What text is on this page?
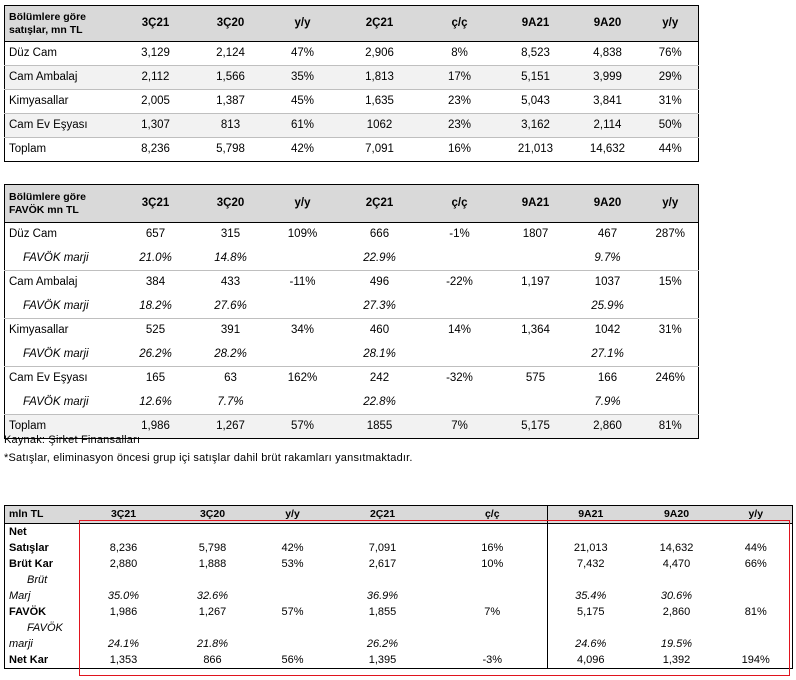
Bölümlere göre satışlar, mn TL	3Ç21	3Ç20	y/y	2Ç21	ç/ç	9A21	9A20	y/y
Düz Cam	3,129	2,124	47%	2,906	8%	8,523	4,838	76%
Cam Ambalaj	2,112	1,566	35%	1,813	17%	5,151	3,999	29%
Kimyasallar	2,005	1,387	45%	1,635	23%	5,043	3,841	31%
Cam Ev Eşyası	1,307	813	61%	1062	23%	3,162	2,114	50%
Toplam	8,236	5,798	42%	7,091	16%	21,013	14,632	44%
Bölümlere göre FAVÖK mn TL	3Ç21	3Ç20	y/y	2Ç21	ç/ç	9A21	9A20	y/y
Düz Cam	657	315	109%	666	-1%	1807	467	287%
FAVÖK marji	21.0%	14.8%		22.9%			9.7%	
Cam Ambalaj	384	433	-11%	496	-22%	1,197	1037	15%
FAVÖK marji	18.2%	27.6%		27.3%			25.9%	
Kimyasallar	525	391	34%	460	14%	1,364	1042	31%
FAVÖK marji	26.2%	28.2%		28.1%			27.1%	
Cam Ev Eşyası	165	63	162%	242	-32%	575	166	246%
FAVÖK marji	12.6%	7.7%		22.8%			7.9%	
Toplam	1,986	1,267	57%	1855	7%	5,175	2,860	81%
Kaynak: Şirket Finansalları
*Satışlar, eliminasyon öncesi grup içi satışlar dahil brüt rakamları yansıtmaktadır.
mln TL	3Ç21	3Ç20	y/y	2Ç21	ç/ç	9A21	9A20	y/y
Net								
Satışlar	8,236	5,798	42%	7,091	16%	21,013	14,632	44%
Brüt Kar	2,880	1,888	53%	2,617	10%	7,432	4,470	66%
Brüt								
Marj	35.0%	32.6%		36.9%		35.4%	30.6%	
FAVÖK	1,986	1,267	57%	1,855	7%	5,175	2,860	81%
FAVÖK								
marji	24.1%	21.8%		26.2%		24.6%	19.5%	
Net Kar	1,353	866	56%	1,395	-3%	4,096	1,392	194%
